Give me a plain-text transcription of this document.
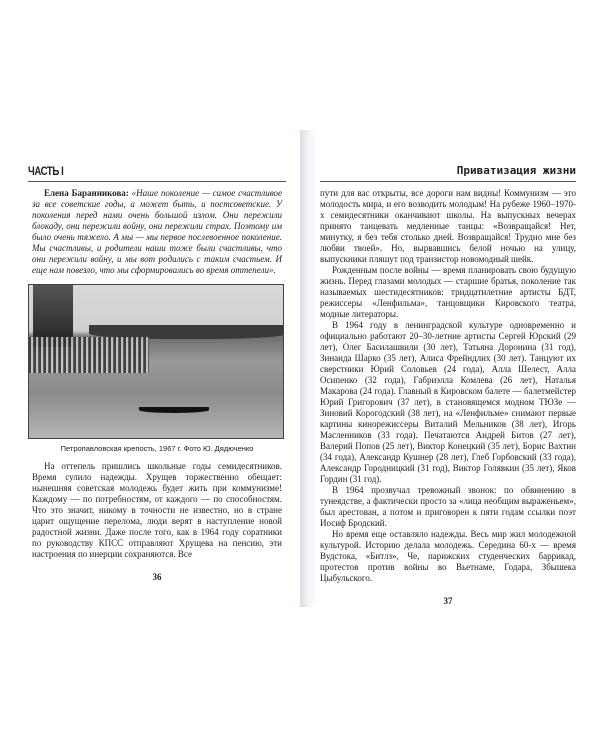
ЧАСТЬ I

Елена Баранникова: «Наше поколение — самое счастливое за все советские годы, а может быть, и постсоветские. У поколения перед нами очень большой излом. Они пережили блокаду, они пережили войну, они пережили страх. Поэтому им было очень тяжело. А мы — мы первое послевоенное поколение. Мы счастливы, и родители наши тоже были счастливы, что они пережили войну, и мы вот родились с таким счастьем. И еще нам повезло, что мы сформировались во время оттепели».

Петропавловская крепость, 1967 г. Фото Ю. Дядюченко

На оттепель пришлись школьные годы семидесятников. Время сулило надежды. Хрущев торжественно обещает: нынешняя советская молодежь будет жить при коммунизме! Каждому — по потребностям, от каждого — по способностям. Что это значит, никому в точности не известно, но в стране царит ощущение перелома, люди верят в наступление новой радостной жизни. Даже после того, как в 1964 году соратники по руководству КПСС отправляют Хрущева на пенсию, эти настроения по инерции сохраняются. Все

36
Приватизация жизни

пути для вас открыты, все дороги нам видны! Коммунизм — это молодость мира, и его возводить молодым! На рубеже 1960–1970-х семидесятники оканчивают школы. На выпускных вечерах принято танцевать медленные танцы: «Возвращайся! Нет, минутку, я без тебя столько дней. Возвращайся! Трудно мне без любви твоей». Но, вырвавшись белой ночью на улицу, выпускники пляшут под транзистор новомодный шейк.

Рожденным после войны — время планировать свою будущую жизнь. Перед глазами молодых — старшие братья, поколение так называемых шестидесятников: тридцатилетние артисты БДТ, режиссеры «Ленфильма», танцовщики Кировского театра, модные литераторы.

В 1964 году в ленинградской культуре одновременно и официально работают 20–30-летние артисты Сергей Юрский (29 лет), Олег Басилашвили (30 лет), Татьяна Доронина (31 год), Зинаида Шарко (35 лет), Алиса Фрейндлих (30 лет). Танцуют их сверстники Юрий Соловьев (24 года), Алла Шелест, Алла Осипенко (32 года), Габриэлла Комлева (26 лет), Наталья Макарова (24 года). Главный в Кировском балете — балетмейстер Юрий Григорович (37 лет), в становящемся модном ТЮЗе — Зиновий Корогодский (38 лет), на «Ленфильме» снимают первые картины кинорежиссеры Виталий Мельников (38 лет), Игорь Масленников (33 года). Печатаются Андрей Битов (27 лет), Валерий Попов (25 лет), Виктор Конецкий (35 лет), Борис Вахтин (34 года), Александр Кушнер (28 лет), Глеб Горбовский (33 года), Александр Городницкий (31 год), Виктор Голявкин (35 лет), Яков Гордин (31 год).

В 1964 прозвучал тревожный звонок: по обвинению в тунеядстве, а фактически просто за «лица необщим выраженьем», был арестован, а потом и приговорен к пяти годам ссылки поэт Иосиф Бродский.

Но время еще оставляло надежды. Весь мир жил молодежной культурой. Историю делала молодежь. Середина 60-х — время Вудстока, «Битлз», Че, парижских студенческих баррикад, протестов против войны во Вьетнаме, Годара, Збышека Цыбульского.

37
